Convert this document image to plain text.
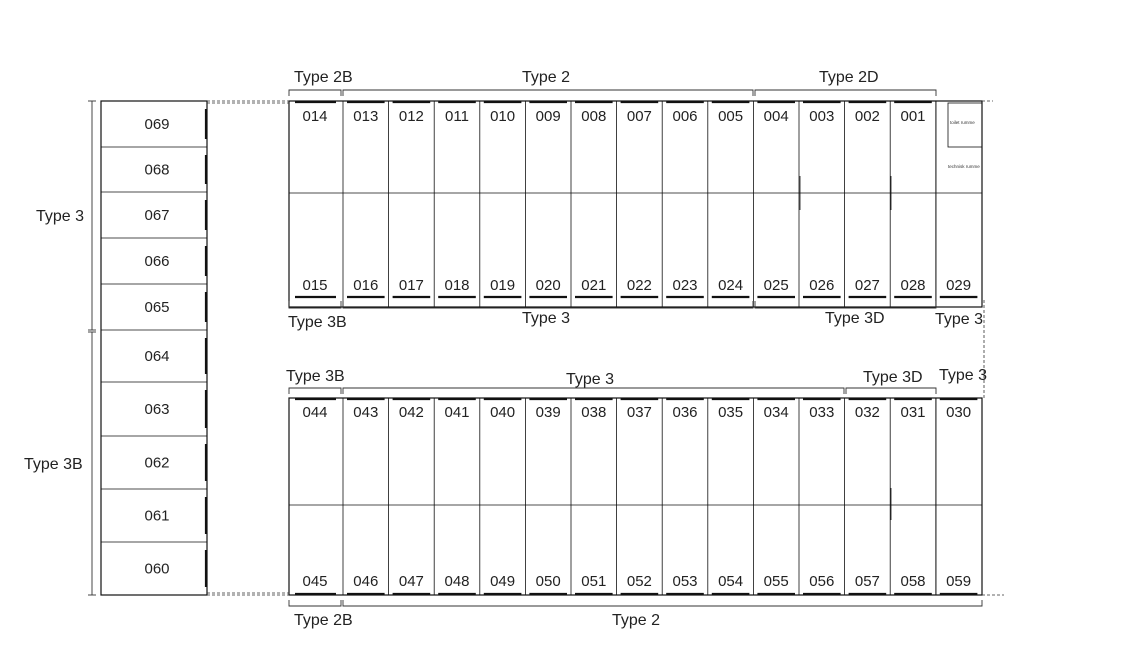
toilet rumme
technisk rumme
014 013 012 011 010 009 008 007 006 005 004 003 002 001
015 016 017 018 019 020 021 022 023 024 025 026 027 028 029
044 043 042 041 040 039 038 037 036 035 034 033 032 031 030
045 046 047 048 049 050 051 052 053 054 055 056 057 058 059
069
068
067
066
065
064
063
062
061
060
Type 2B	Type 2	Type 2D
Type 3B	Type 3	Type 3D	Type 3
Type 3B	Type 3	Type 3D Type 3
Type 2B	Type 2
Type 3
Type 3B
